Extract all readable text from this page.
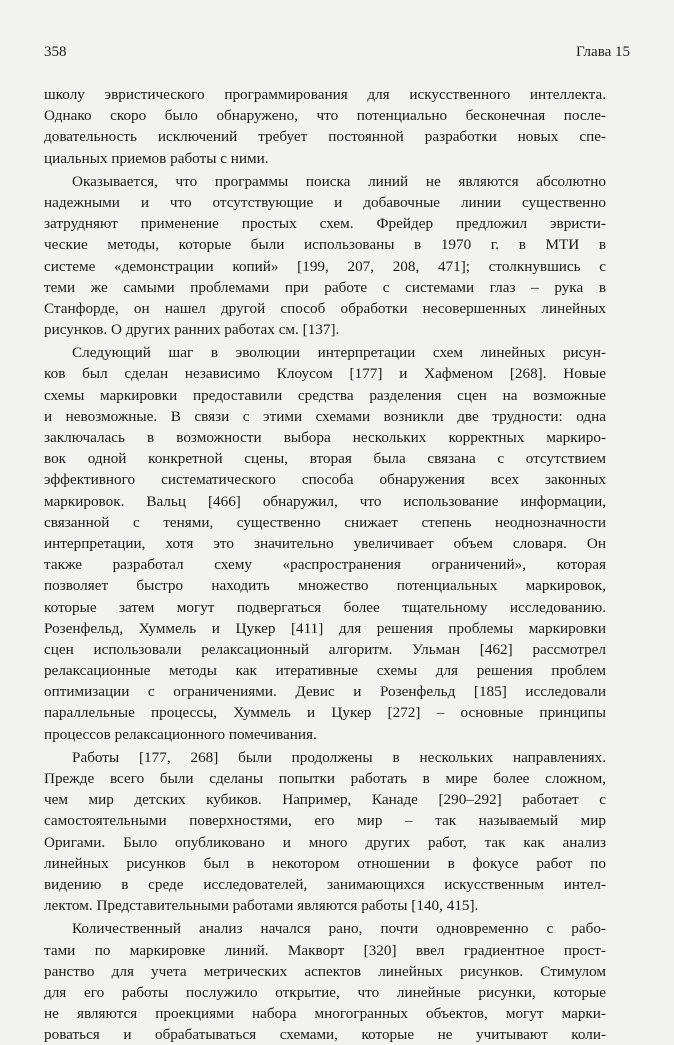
358	Глава 15
школу эвристического программирования для искусственного интеллекта.
Однако скоро было обнаружено, что потенциально бесконечная после-
довательность исключений требует постоянной разработки новых спе-
циальных приемов работы с ними.
Оказывается, что программы поиска линий не являются абсолютно
надежными и что отсутствующие и добавочные линии существенно
затрудняют применение простых схем. Фрейдер предложил эвристи-
ческие методы, которые были использованы в 1970 г. в МТИ в
системе «демонстрации копий» [199, 207, 208, 471]; столкнувшись с
теми же самыми проблемами при работе с системами глаз – рука в
Станфорде, он нашел другой способ обработки несовершенных линейных
рисунков. О других ранних работах см. [137].
Следующий шаг в эволюции интерпретации схем линейных рисун-
ков был сделан независимо Клоусом [177] и Хафменом [268]. Новые
схемы маркировки предоставили средства разделения сцен на возможные
и невозможные. В связи с этими схемами возникли две трудности: одна
заключалась в возможности выбора нескольких корректных маркиро-
вок одной конкретной сцены, вторая была связана с отсутствием
эффективного систематического способа обнаружения всех законных
маркировок. Вальц [466] обнаружил, что использование информации,
связанной с тенями, существенно снижает степень неоднозначности
интерпретации, хотя это значительно увеличивает объем словаря. Он
также разработал схему «распространения ограничений», которая
позволяет быстро находить множество потенциальных маркировок,
которые затем могут подвергаться более тщательному исследованию.
Розенфельд, Хуммель и Цукер [411] для решения проблемы маркировки
сцен использовали релаксационный алгоритм. Ульман [462] рассмотрел
релаксационные методы как итеративные схемы для решения проблем
оптимизации с ограничениями. Девис и Розенфельд [185] исследовали
параллельные процессы, Хуммель и Цукер [272] – основные принципы
процессов релаксационного помечивания.
Работы [177, 268] были продолжены в нескольких направлениях.
Прежде всего были сделаны попытки работать в мире более сложном,
чем мир детских кубиков. Например, Канаде [290–292] работает с
самостоятельными поверхностями, его мир – так называемый мир
Оригами. Было опубликовано и много других работ, так как анализ
линейных рисунков был в некотором отношении в фокусе работ по
видению в среде исследователей, занимающихся искусственным интел-
лектом. Представительными работами являются работы [140, 415].
Количественный анализ начался рано, почти одновременно с рабо-
тами по маркировке линий. Макворт [320] ввел градиентное прост-
ранство для учета метрических аспектов линейных рисунков. Стимулом
для его работы послужило открытие, что линейные рисунки, которые
не являются проекциями набора многогранных объектов, могут марки-
роваться и обрабатываться схемами, которые не учитывают коли-
